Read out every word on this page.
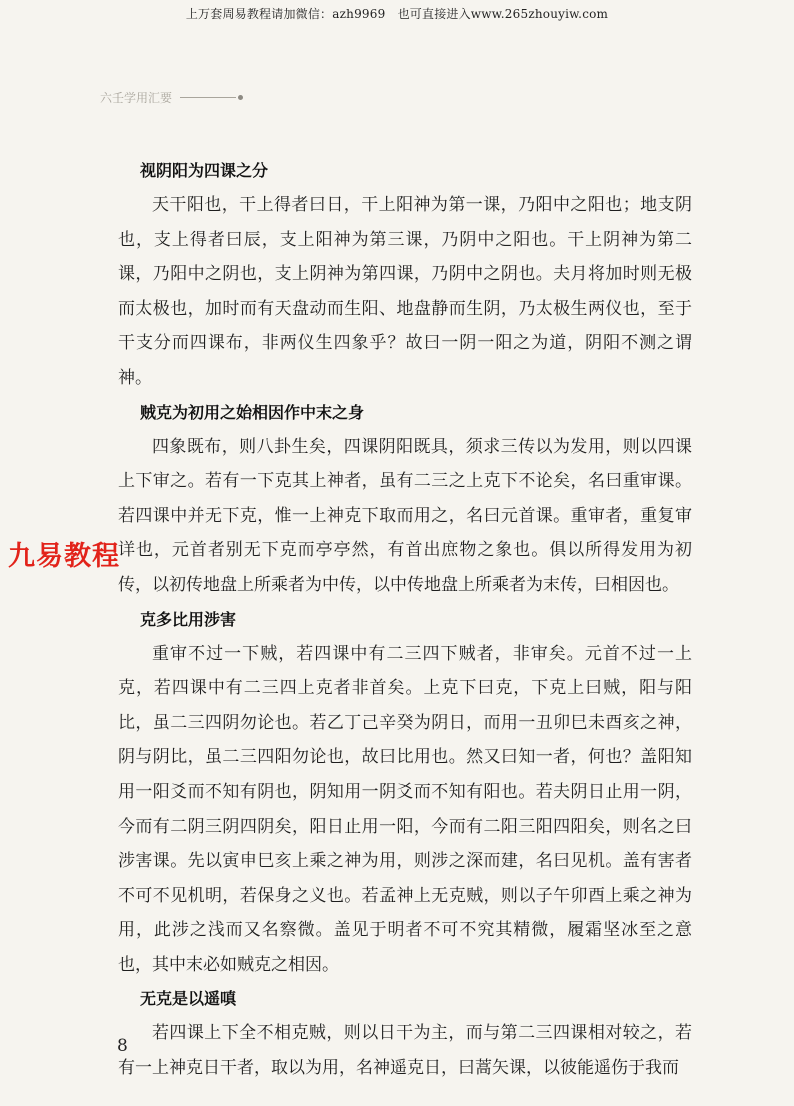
上万套周易教程请加微信：azh9969　也可直接进入www.265zhouyiw.com
六壬学用汇要
视阴阳为四课之分

天干阳也，干上得者曰日，干上阳神为第一课，乃阳中之阳也；地支阴也，支上得者曰辰，支上阳神为第三课，乃阴中之阳也。干上阴神为第二课，乃阳中之阴也，支上阴神为第四课，乃阴中之阴也。夫月将加时则无极而太极也，加时而有天盘动而生阳、地盘静而生阴，乃太极生两仪也，至于干支分而四课布，非两仪生四象乎？故曰一阴一阳之为道，阴阳不测之谓神。

贼克为初用之始相因作中末之身

四象既布，则八卦生矣，四课阴阳既具，须求三传以为发用，则以四课上下审之。若有一下克其上神者，虽有二三之上克下不论矣，名曰重审课。若四课中并无下克，惟一上神克下取而用之，名曰元首课。重审者，重复审详也，元首者别无下克而亭亭然，有首出庶物之象也。俱以所得发用为初传，以初传地盘上所乘者为中传，以中传地盘上所乘者为末传，曰相因也。

克多比用涉害

重审不过一下贼，若四课中有二三四下贼者，非审矣。元首不过一上克，若四课中有二三四上克者非首矣。上克下曰克，下克上曰贼，阳与阳比，虽二三四阴勿论也。若乙丁己辛癸为阴日，而用一丑卯巳未酉亥之神，阴与阴比，虽二三四阳勿论也，故曰比用也。然又曰知一者，何也？盖阳知用一阳爻而不知有阴也，阴知用一阴爻而不知有阳也。若夫阴日止用一阴，今而有二阴三阴四阴矣，阳日止用一阳，今而有二阳三阳四阳矣，则名之曰涉害课。先以寅申巳亥上乘之神为用，则涉之深而建，名曰见机。盖有害者不可不见机明，若保身之义也。若孟神上无克贼，则以子午卯酉上乘之神为用，此涉之浅而又名察微。盖见于明者不可不究其精微，履霜坚冰至之意也，其中末必如贼克之相因。

无克是以遥嗔

若四课上下全不相克贼，则以日干为主，而与第二三四课相对较之，若有一上神克日干者，取以为用，名神遥克日，曰蒿矢课，以彼能遥伤于我而

九易教程
8
